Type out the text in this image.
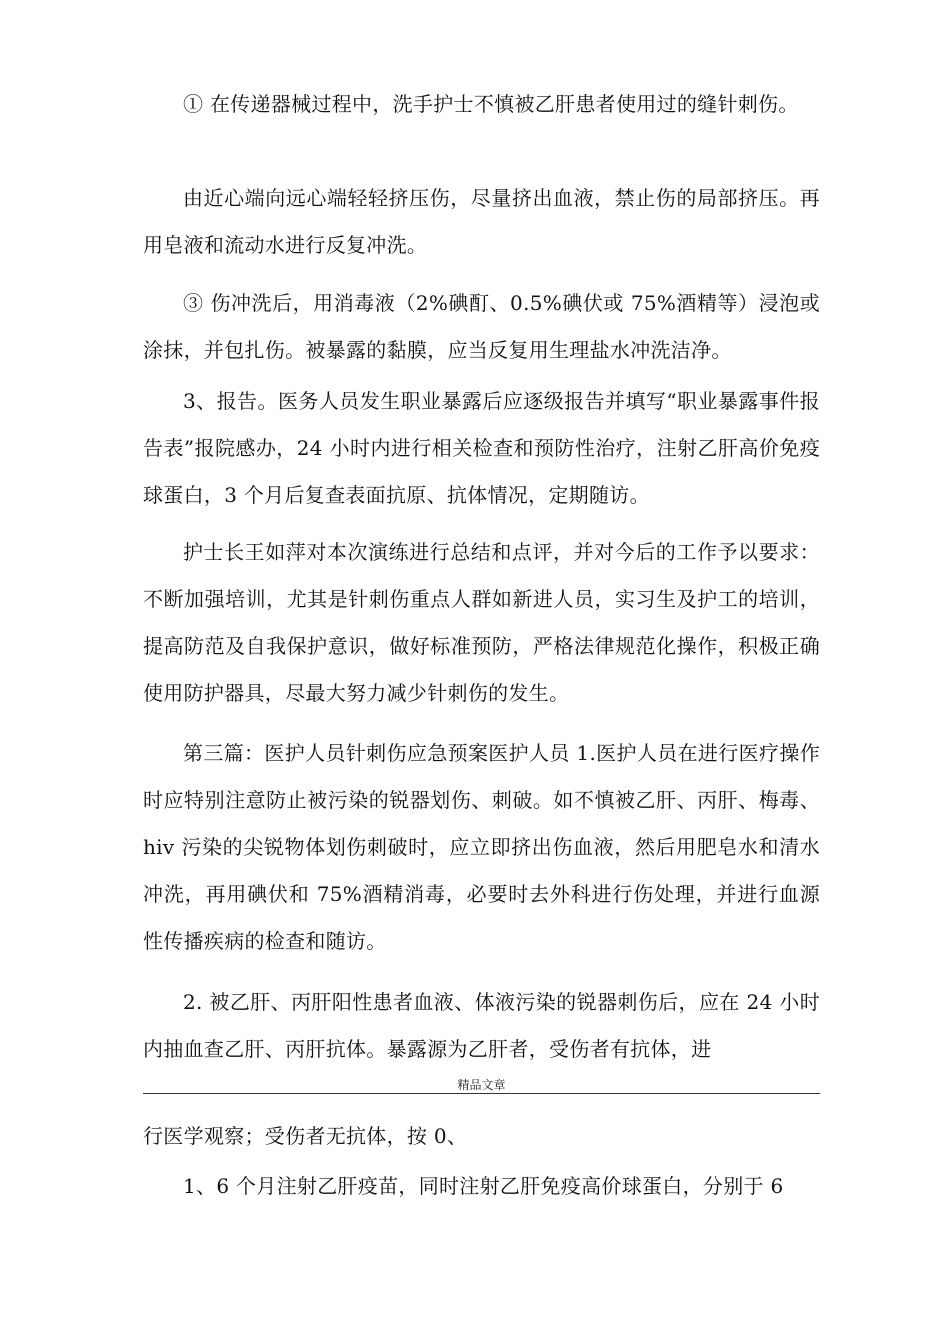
① 在传递器械过程中，洗手护士不慎被乙肝患者使用过的缝针刺伤。

由近心端向远心端轻轻挤压伤，尽量挤出血液，禁止伤的局部挤压。再用皂液和流动水进行反复冲洗。

③ 伤冲洗后，用消毒液（2%碘酊、0.5%碘伏或 75%酒精等）浸泡或涂抹，并包扎伤。被暴露的黏膜，应当反复用生理盐水冲洗洁净。

3、报告。医务人员发生职业暴露后应逐级报告并填写“职业暴露事件报告表”报院感办，24 小时内进行相关检查和预防性治疗，注射乙肝高价免疫球蛋白，3 个月后复查表面抗原、抗体情况，定期随访。

护士长王如萍对本次演练进行总结和点评，并对今后的工作予以要求：不断加强培训，尤其是针刺伤重点人群如新进人员，实习生及护工的培训，提高防范及自我保护意识，做好标准预防，严格法律规范化操作，积极正确使用防护器具，尽最大努力减少针刺伤的发生。

第三篇：医护人员针刺伤应急预案医护人员 1.医护人员在进行医疗操作时应特别注意防止被污染的锐器划伤、刺破。如不慎被乙肝、丙肝、梅毒、hiv 污染的尖锐物体划伤刺破时，应立即挤出伤血液，然后用肥皂水和清水冲洗，再用碘伏和 75%酒精消毒，必要时去外科进行伤处理，并进行血源性传播疾病的检查和随访。

2. 被乙肝、丙肝阳性患者血液、体液污染的锐器刺伤后，应在 24 小时内抽血查乙肝、丙肝抗体。暴露源为乙肝者，受伤者有抗体，进

精品文章

行医学观察；受伤者无抗体，按 0、

1、6 个月注射乙肝疫苗，同时注射乙肝免疫高价球蛋白，分别于 6
